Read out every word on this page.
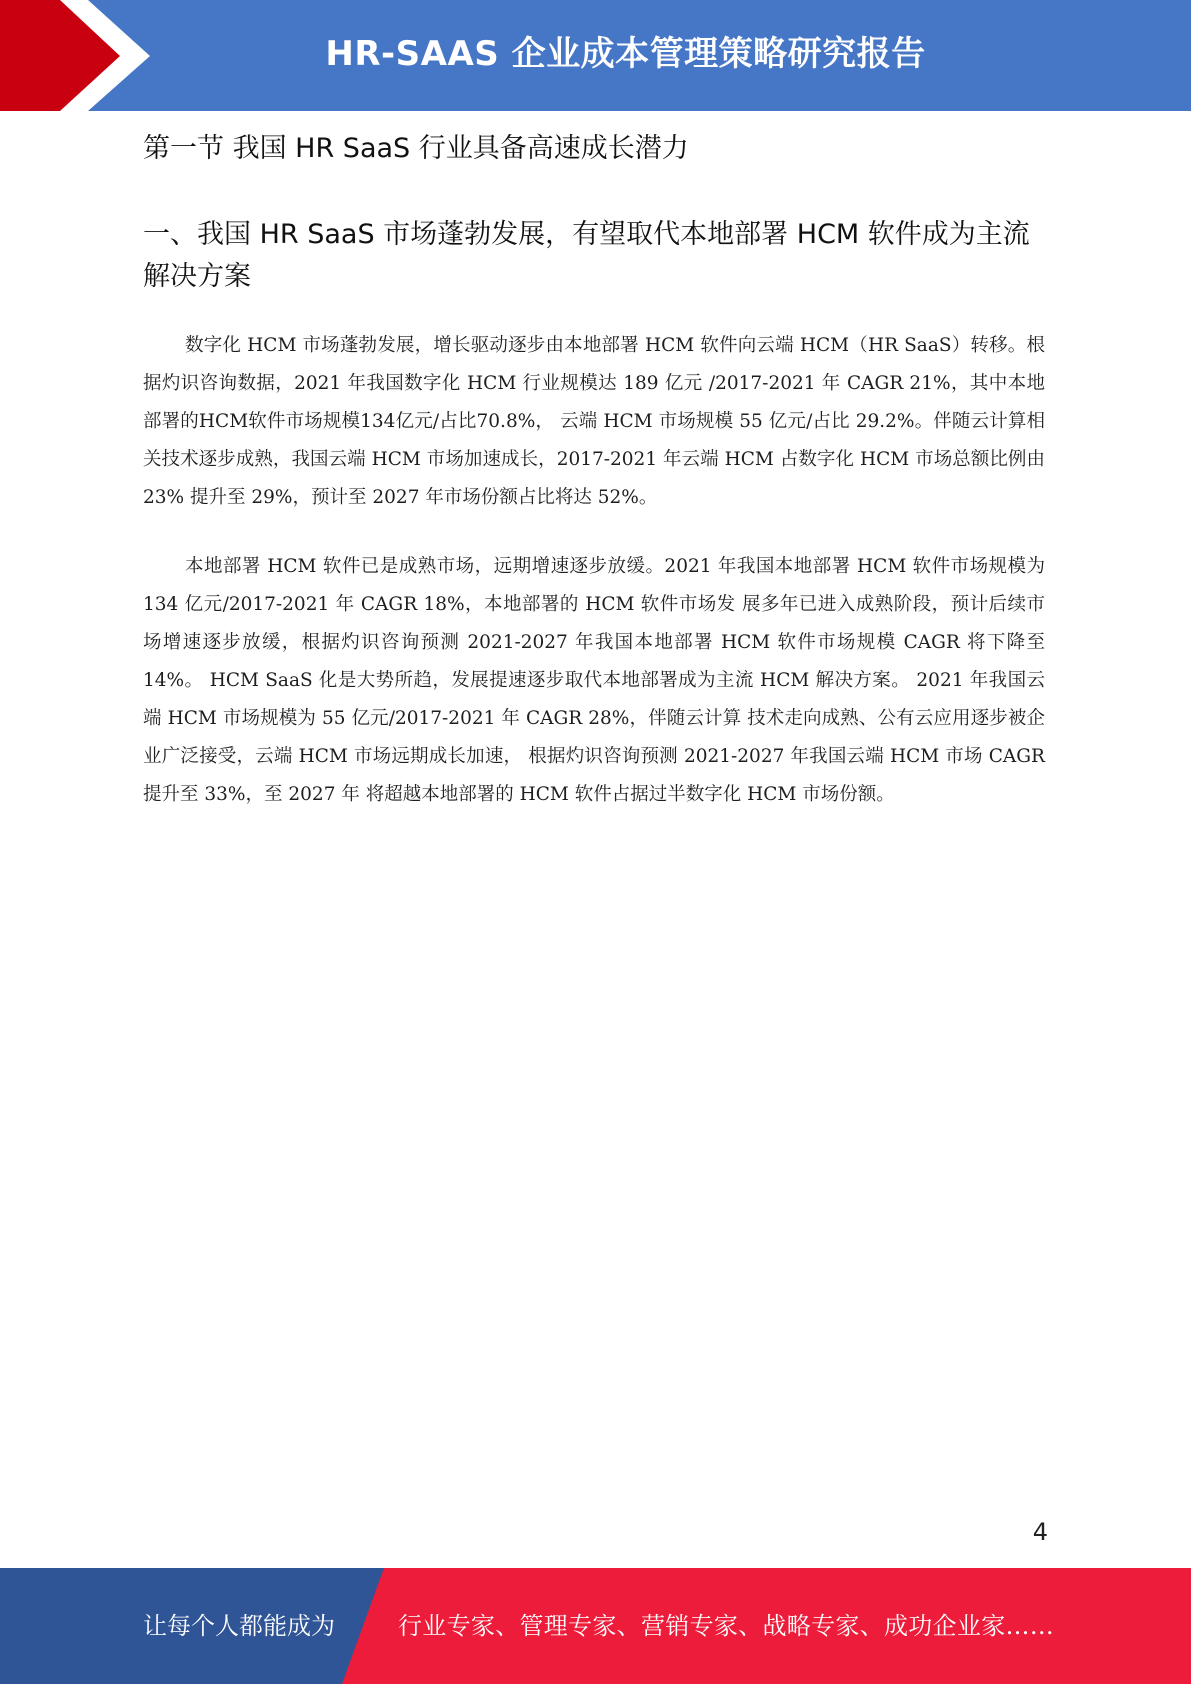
HR-SAAS 企业成本管理策略研究报告
第一节 我国 HR SaaS 行业具备高速成长潜力
一、我国 HR SaaS 市场蓬勃发展，有望取代本地部署 HCM 软件成为主流解决方案

数字化 HCM 市场蓬勃发展，增长驱动逐步由本地部署 HCM 软件向云端 HCM（HR SaaS）转移。根据灼识咨询数据，2021 年我国数字化 HCM 行业规模达 189 亿元 /2017-2021 年 CAGR 21%，其中本地部署的HCM软件市场规模134亿元/占比70.8%， 云端 HCM 市场规模 55 亿元/占比 29.2%。伴随云计算相关技术逐步成熟，我国云端 HCM 市场加速成长，2017-2021 年云端 HCM 占数字化 HCM 市场总额比例由 23% 提升至 29%，预计至 2027 年市场份额占比将达 52%。

本地部署 HCM 软件已是成熟市场，远期增速逐步放缓。2021 年我国本地部署 HCM 软件市场规模为 134 亿元/2017-2021 年 CAGR 18%，本地部署的 HCM 软件市场发 展多年已进入成熟阶段，预计后续市场增速逐步放缓，根据灼识咨询预测 2021-2027 年我国本地部署 HCM 软件市场规模 CAGR 将下降至 14%。 HCM SaaS 化是大势所趋，发展提速逐步取代本地部署成为主流 HCM 解决方案。 2021 年我国云端 HCM 市场规模为 55 亿元/2017-2021 年 CAGR 28%，伴随云计算 技术走向成熟、公有云应用逐步被企业广泛接受，云端 HCM 市场远期成长加速， 根据灼识咨询预测 2021-2027 年我国云端 HCM 市场 CAGR 提升至 33%，至 2027 年 将超越本地部署的 HCM 软件占据过半数字化 HCM 市场份额。

4
让每个人都能成为	行业专家、管理专家、营销专家、战略专家、成功企业家……
